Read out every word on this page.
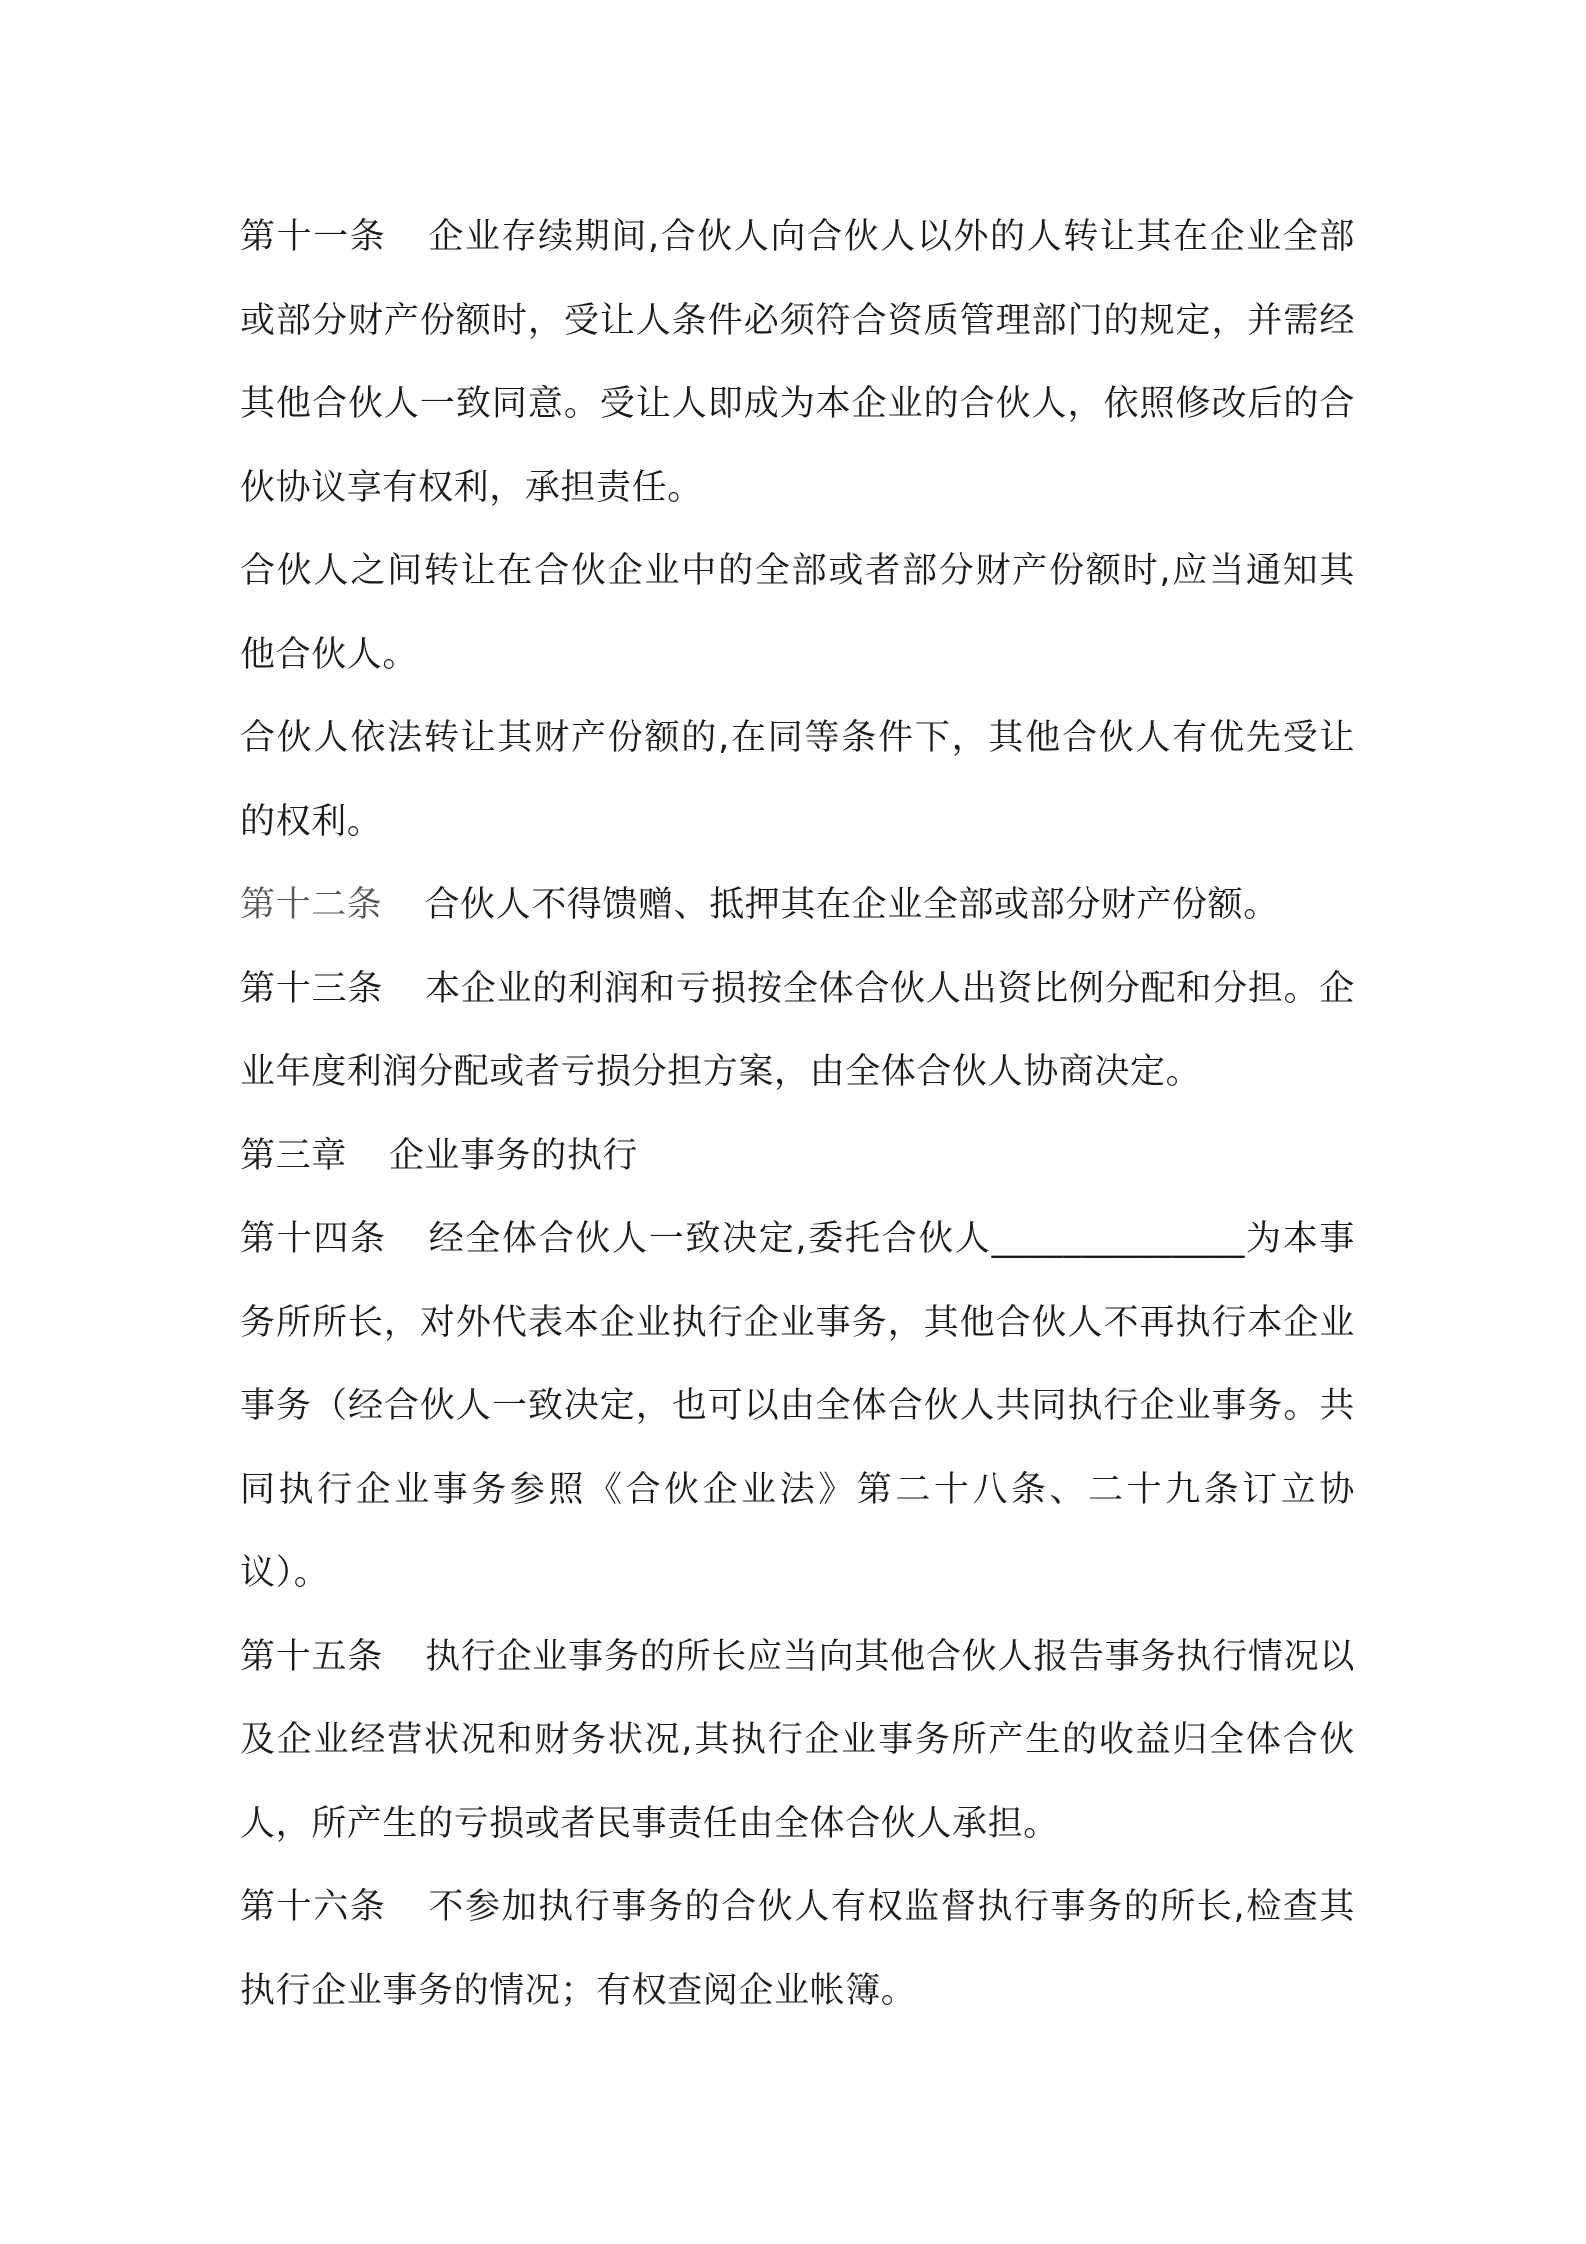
第十一条 企业存续期间,合伙人向合伙人以外的人转让其在企业全部或部分财产份额时，受让人条件必须符合资质管理部门的规定，并需经其他合伙人一致同意。受让人即成为本企业的合伙人，依照修改后的合伙协议享有权利，承担责任。

合伙人之间转让在合伙企业中的全部或者部分财产份额时,应当通知其他合伙人。

合伙人依法转让其财产份额的,在同等条件下，其他合伙人有优先受让的权利。

第十二条 合伙人不得馈赠、抵押其在企业全部或部分财产份额。

第十三条 本企业的利润和亏损按全体合伙人出资比例分配和分担。企业年度利润分配或者亏损分担方案，由全体合伙人协商决定。

第三章 企业事务的执行

第十四条 经全体合伙人一致决定,委托合伙人______________为本事务所所长，对外代表本企业执行企业事务，其他合伙人不再执行本企业事务（经合伙人一致决定，也可以由全体合伙人共同执行企业事务。共同执行企业事务参照《合伙企业法》第二十八条、二十九条订立协议）。

第十五条 执行企业事务的所长应当向其他合伙人报告事务执行情况以及企业经营状况和财务状况,其执行企业事务所产生的收益归全体合伙人，所产生的亏损或者民事责任由全体合伙人承担。

第十六条 不参加执行事务的合伙人有权监督执行事务的所长,检查其执行企业事务的情况；有权查阅企业帐簿。
